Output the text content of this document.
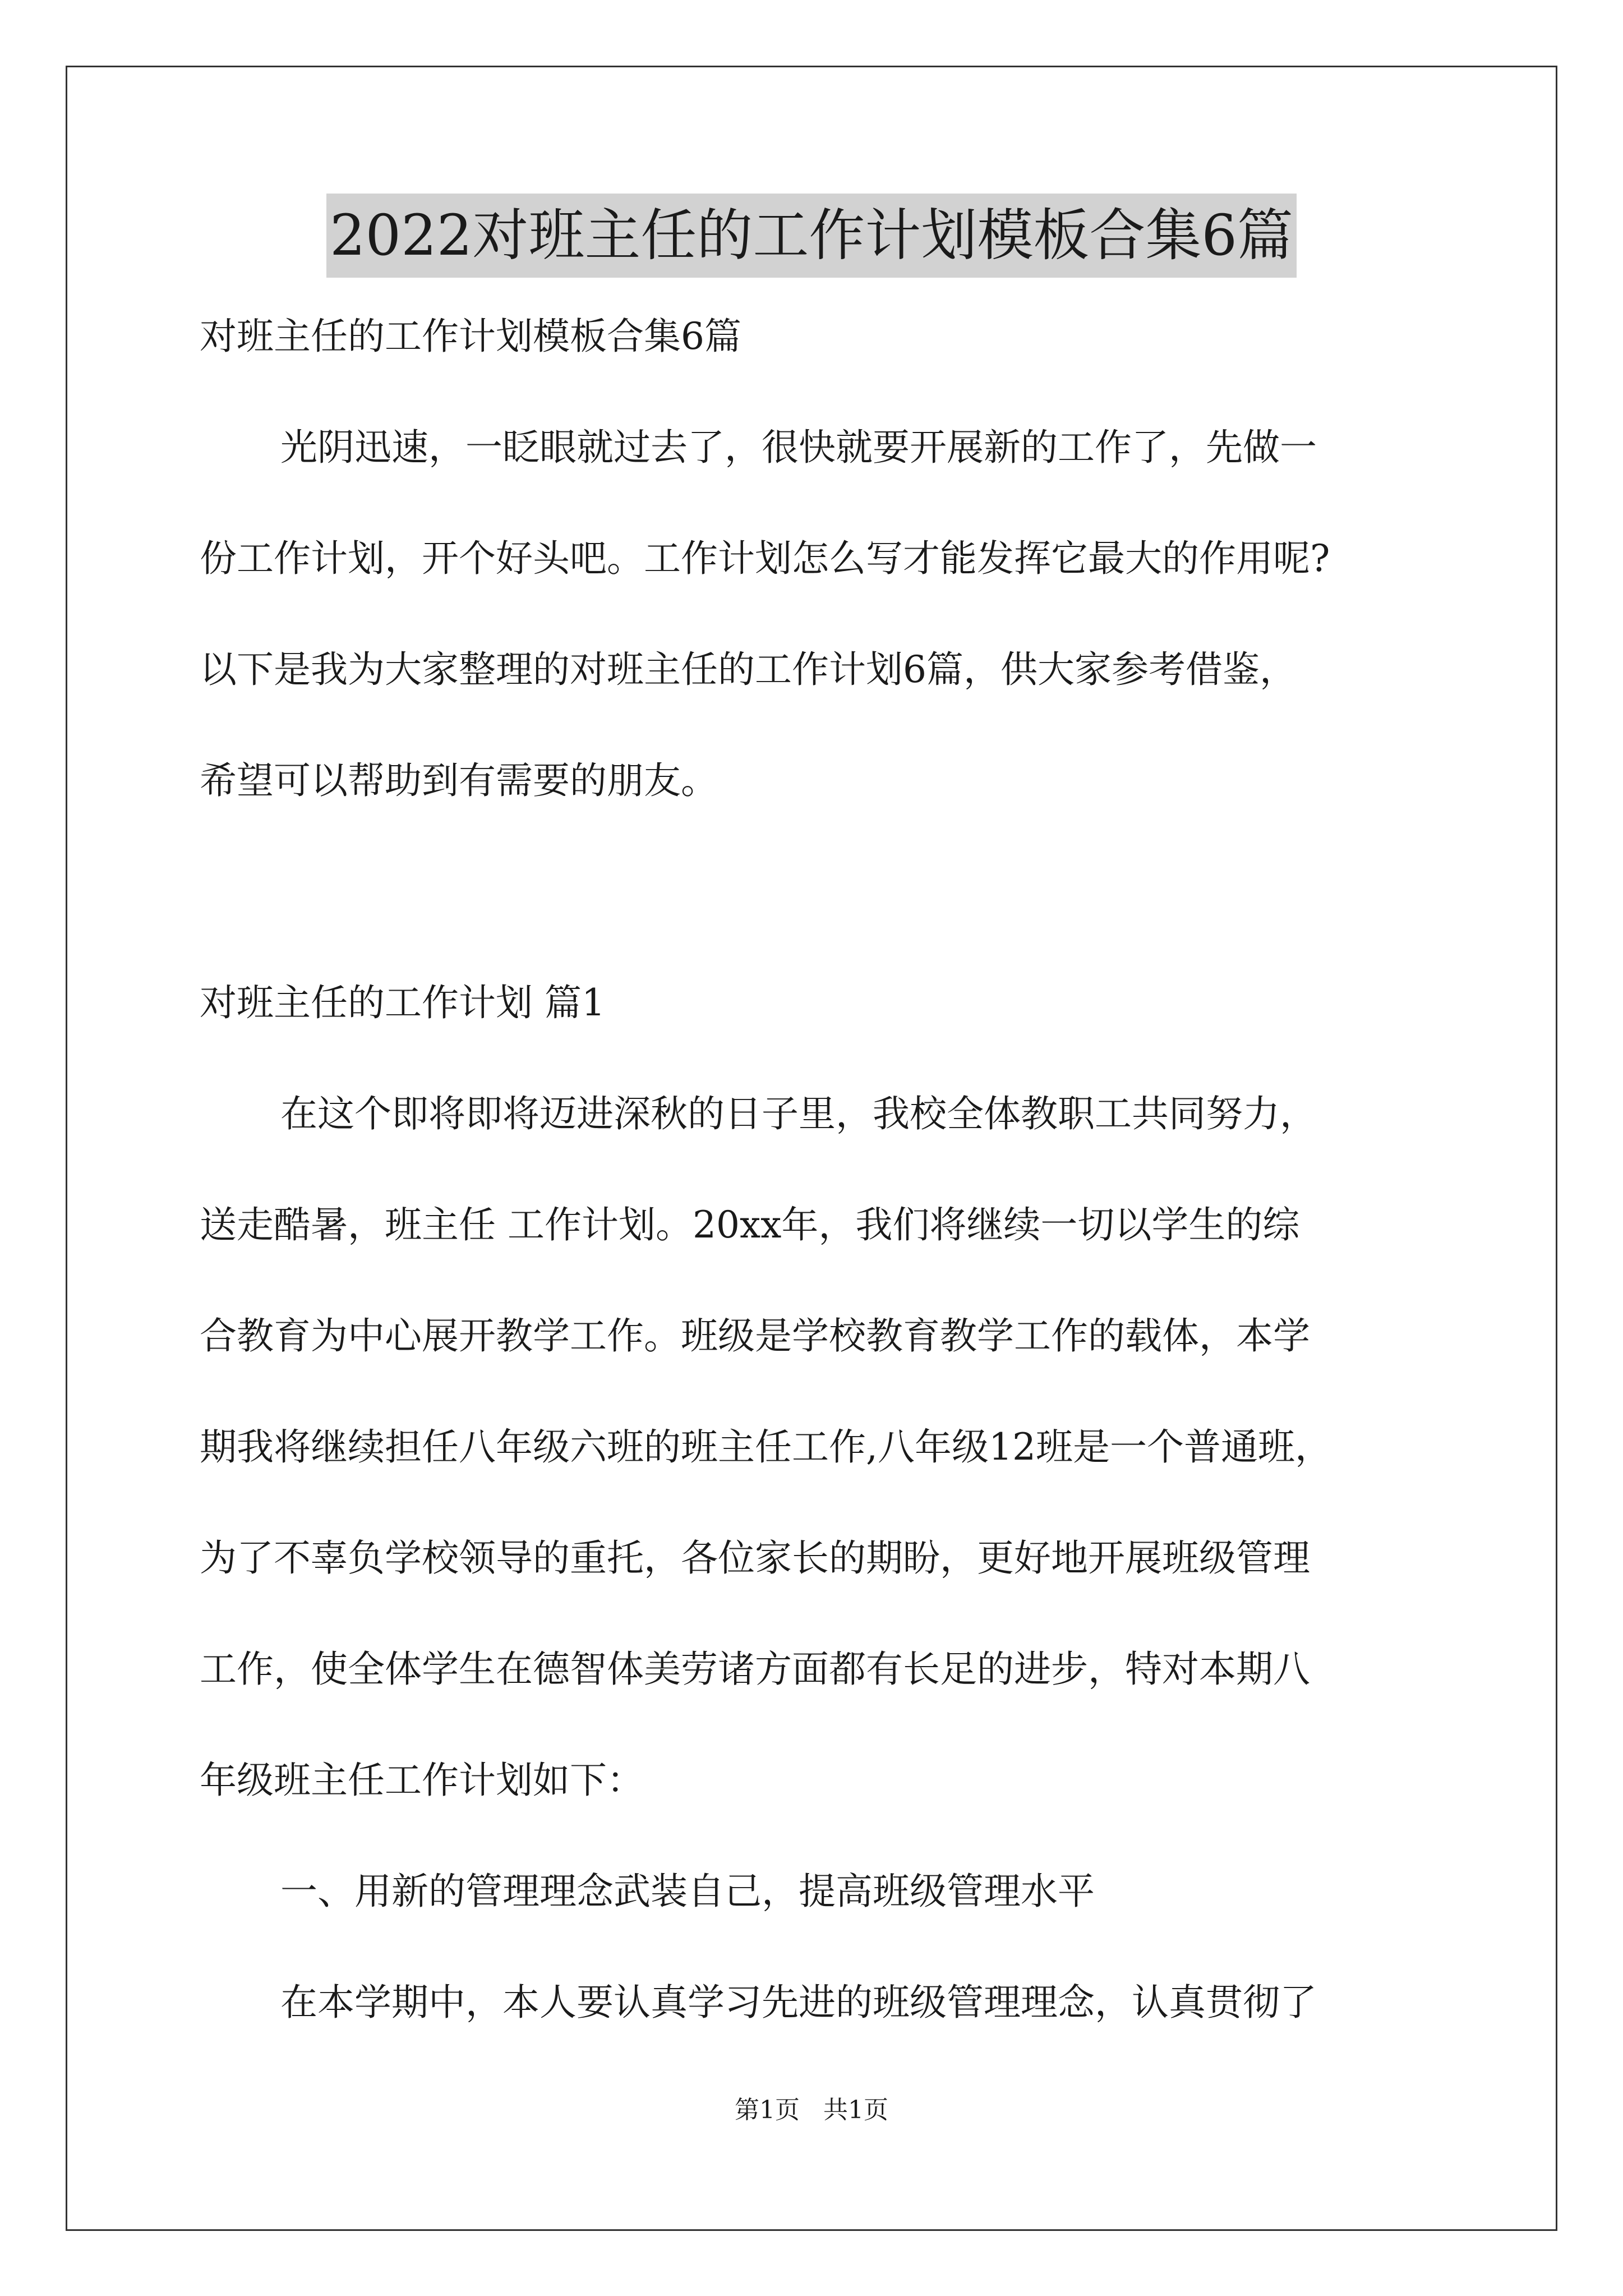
2022对班主任的工作计划模板合集6篇
对班主任的工作计划模板合集6篇
光阴迅速，一眨眼就过去了，很快就要开展新的工作了，先做一
份工作计划，开个好头吧。工作计划怎么写才能发挥它最大的作用呢?
以下是我为大家整理的对班主任的工作计划6篇，供大家参考借鉴，
希望可以帮助到有需要的朋友。
对班主任的工作计划 篇1
在这个即将即将迈进深秋的日子里，我校全体教职工共同努力，
送走酷暑，班主任 工作计划。20xx年，我们将继续一切以学生的综
合教育为中心展开教学工作。班级是学校教育教学工作的载体，本学
期我将继续担任八年级六班的班主任工作,八年级12班是一个普通班，
为了不辜负学校领导的重托，各位家长的期盼，更好地开展班级管理
工作，使全体学生在德智体美劳诸方面都有长足的进步，特对本期八
年级班主任工作计划如下：
一、用新的管理理念武装自己，提高班级管理水平
在本学期中，本人要认真学习先进的班级管理理念，认真贯彻了
第1页   共1页
